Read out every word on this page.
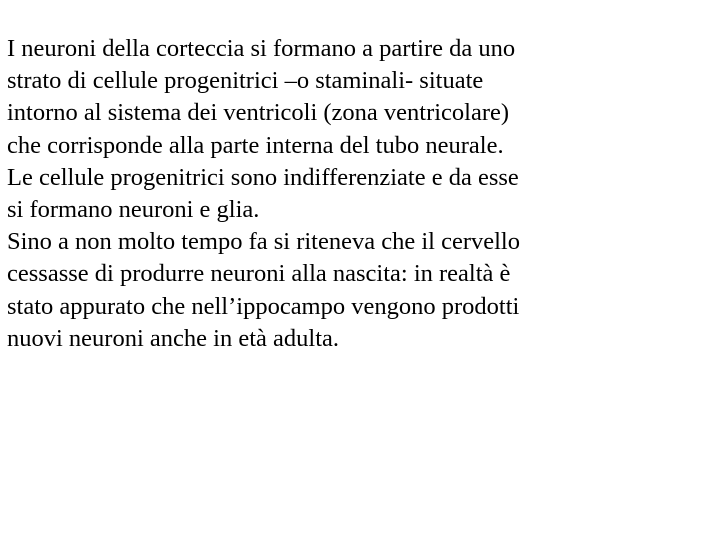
I neuroni della corteccia si formano a partire da uno
strato di cellule progenitrici –o staminali- situate
intorno al sistema dei ventricoli (zona ventricolare)
che corrisponde alla parte interna del tubo neurale.
Le cellule progenitrici sono indifferenziate e da esse
si formano neuroni e glia.

Sino a non molto tempo fa si riteneva che il cervello
cessasse di produrre neuroni alla nascita: in realtà è
stato appurato che nell’ippocampo vengono prodotti
nuovi neuroni anche in età adulta.
